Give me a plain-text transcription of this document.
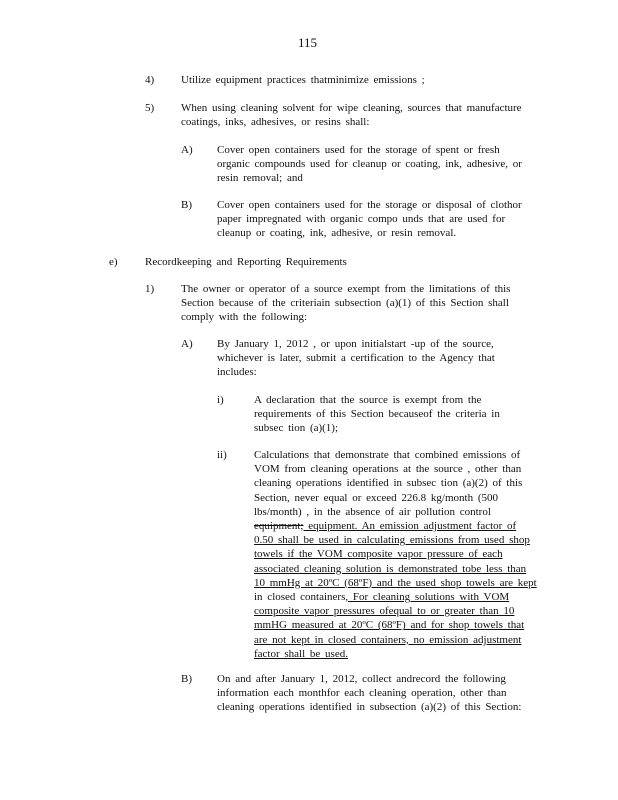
115
4) Utilize equipment practices thatminimize emissions ;
5) When using cleaning solvent for wipe cleaning, sources that manufacture
coatings, inks, adhesives, or resins shall:
A) Cover open containers used for the storage of spent or fresh
organic compounds used for cleanup or coating, ink, adhesive, or
resin removal; and
B) Cover open containers used for the storage or disposal of clothor
paper impregnated with organic compo unds that are used for
cleanup or coating, ink, adhesive, or resin removal.
e) Recordkeeping and Reporting Requirements
1) The owner or operator of a source exempt from the limitations of this
Section because of the criteriain subsection (a)(1) of this Section shall
comply with the following:
A) By January 1, 2012 , or upon initialstart -up of the source,
whichever is later, submit a certification to the Agency that
includes:
i)	A declaration that the source is exempt from the
requirements of this Section becauseof the criteria in
subsec tion (a)(1);
ii) Calculations that demonstrate that combined emissions of
VOM from cleaning operations at the source , other than
cleaning operations identified in subsec tion (a)(2) of this
Section, never equal or exceed 226.8 kg/month (500
lbs/month) , in the absence of air pollution control
equipment; equipment. An emission adjustment factor of
0.50 shall be used in calculating emissions from used shop
towels if the VOM composite vapor pressure of each
associated cleaning solution is demonstrated tobe less than
10 mmHg at 20ºC (68ºF) and the used shop towels are kept
in closed containers, For cleaning solutions with VOM
composite vapor pressures ofequal to or greater than 10
mmHG measured at 20ºC (68ºF) and for shop towels that
are not kept in closed containers, no emission adjustment
factor shall be used.
B) On and after January 1, 2012, collect andrecord the following
information each monthfor each cleaning operation, other than
cleaning operations identified in subsection (a)(2) of this Section:
